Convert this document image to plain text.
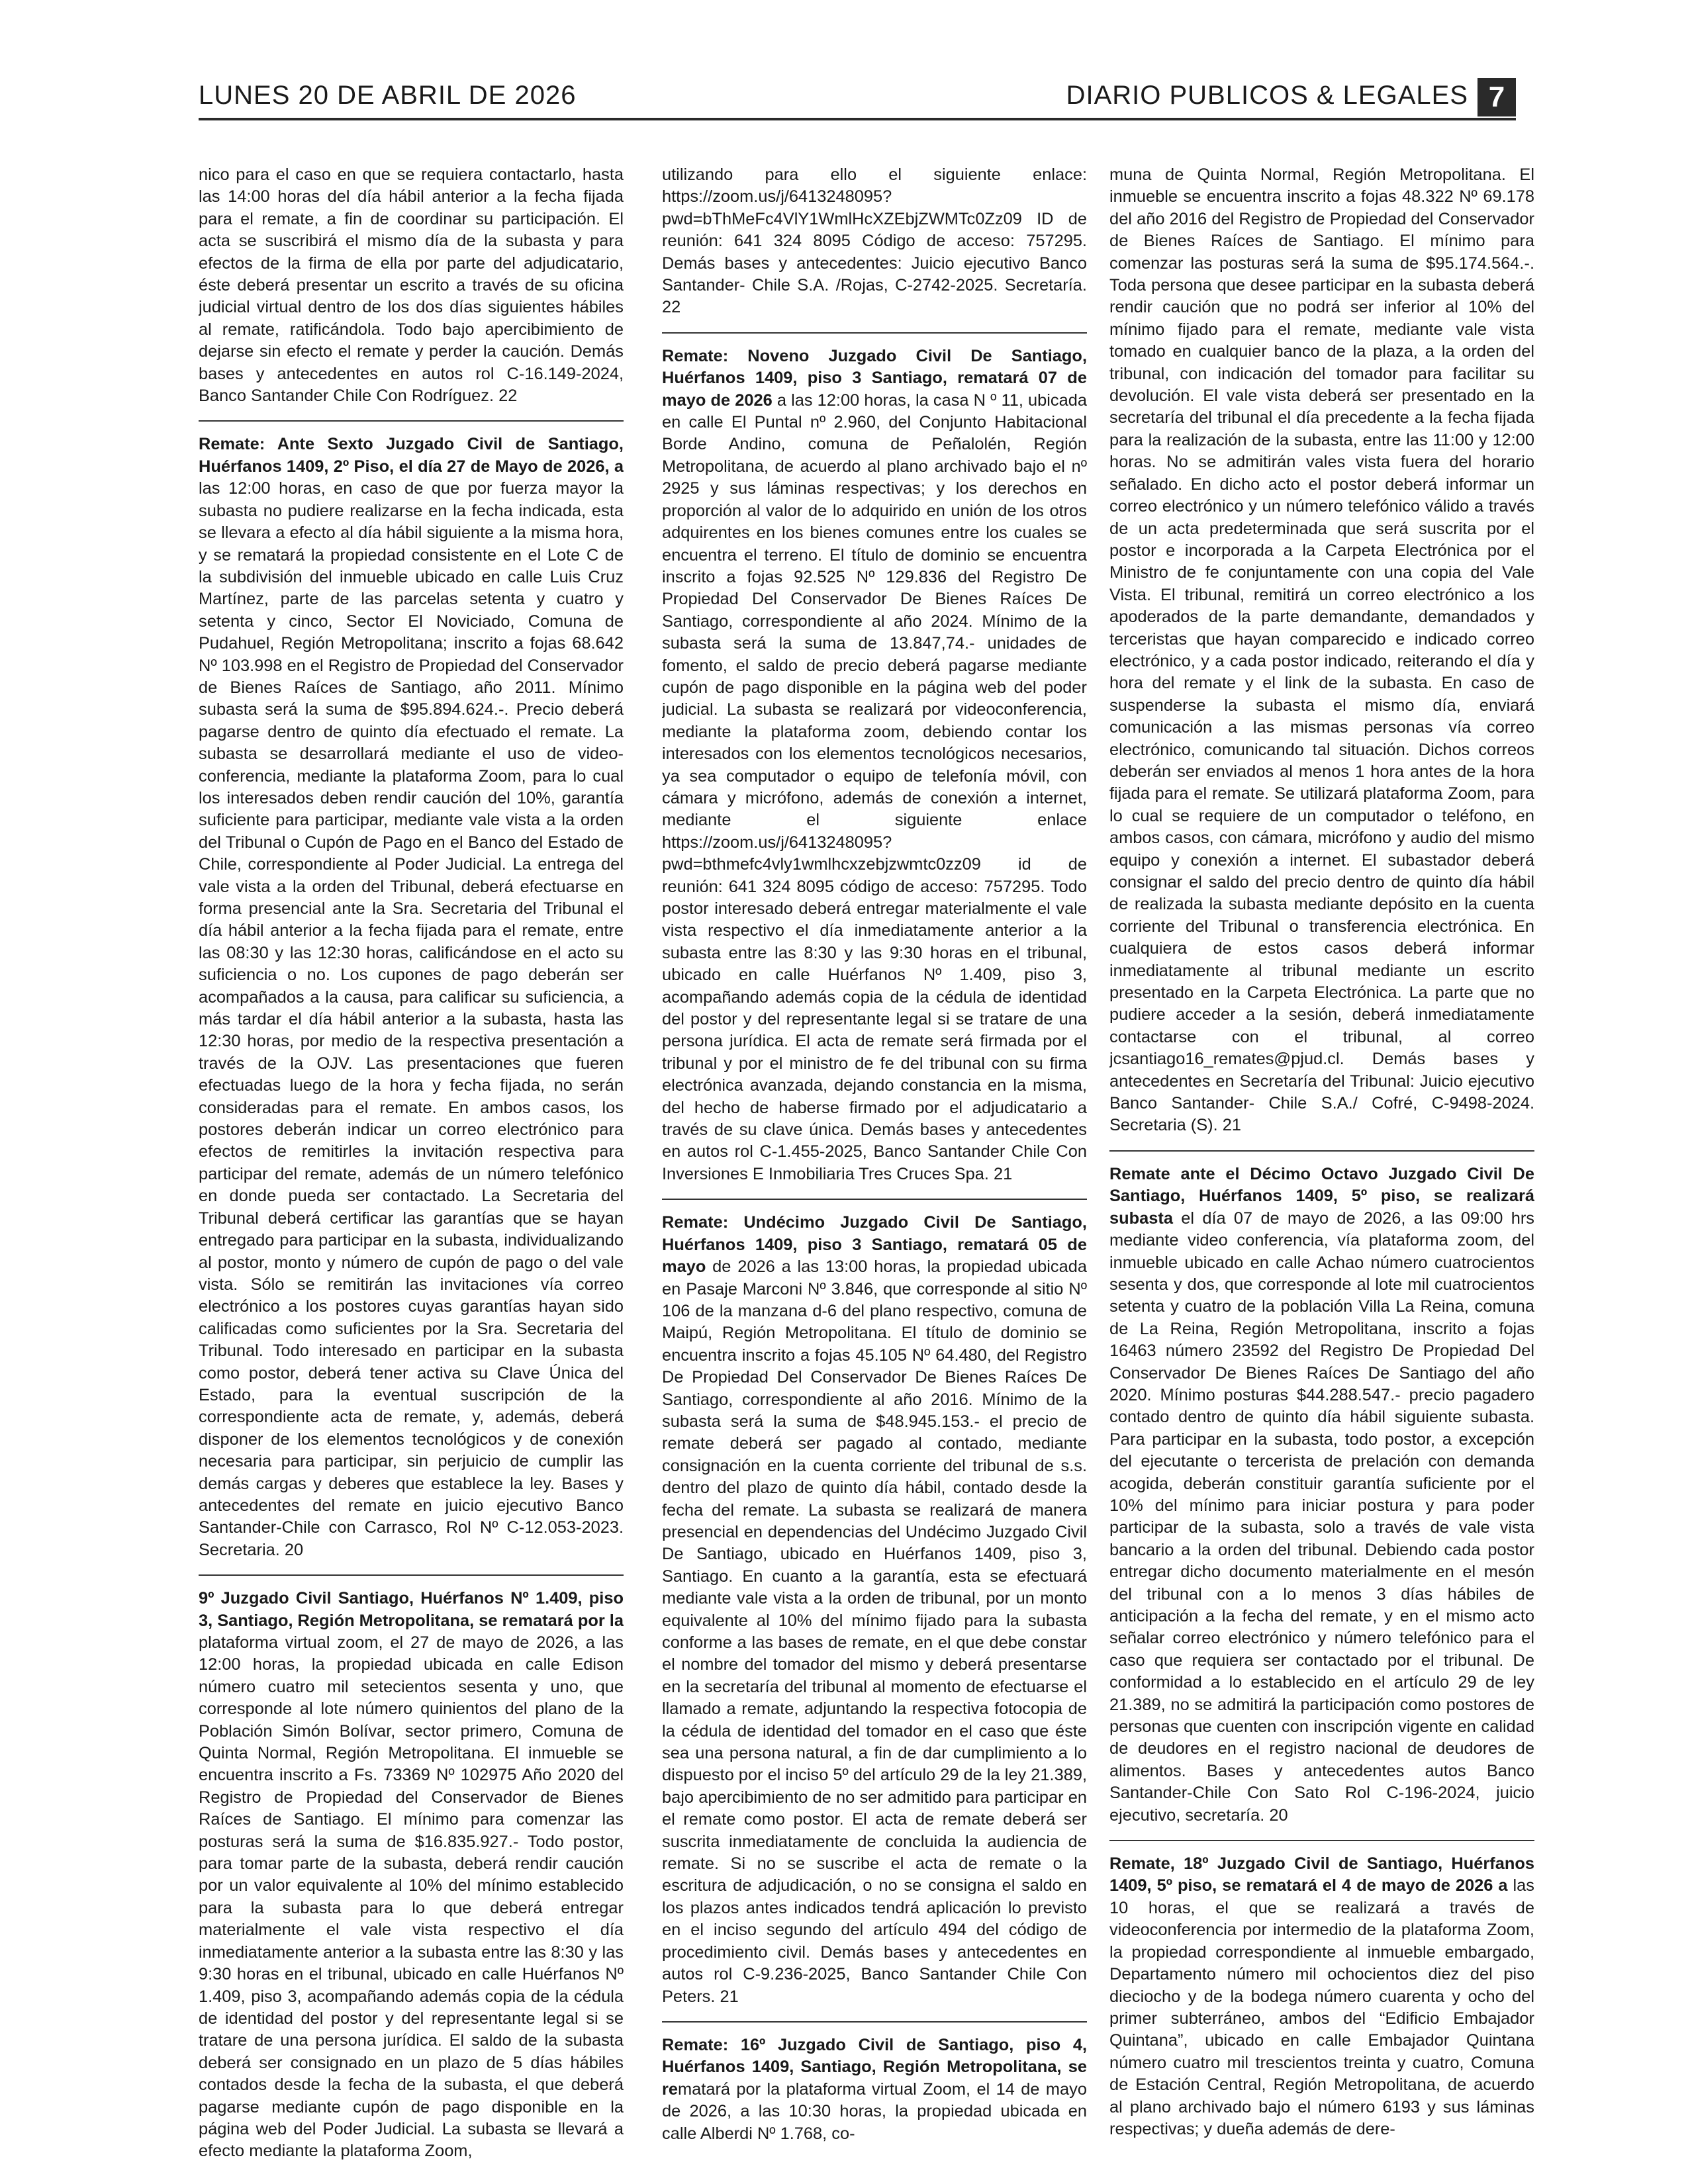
LUNES 20 DE ABRIL DE 2026	DIARIO PUBLICOS & LEGALES 7

nico para el caso en que se requiera contactarlo, hasta las 14:00 horas del día hábil anterior a la fecha fijada para el remate, a fin de coordinar su participación. El acta se suscribirá el mismo día de la subasta y para efectos de la firma de ella por parte del adjudicatario, éste deberá presentar un escrito a través de su oficina judicial virtual dentro de los dos días siguientes hábiles al remate, ratificándola. Todo bajo apercibimiento de dejarse sin efecto el remate y perder la caución. Demás bases y antecedentes en autos rol C-16.149-2024, Banco Santander Chile Con Rodríguez. 22

Remate: Ante Sexto Juzgado Civil de Santiago, Huérfanos 1409, 2º Piso, el día 27 de Mayo de 2026, a las 12:00 horas, en caso de que por fuerza mayor la subasta no pudiere realizarse en la fecha indicada, esta se llevara a efecto al día hábil siguiente a la misma hora, y se rematará la propiedad consistente en el Lote C de la subdivisión del inmueble ubicado en calle Luis Cruz Martínez, parte de las parcelas setenta y cuatro y setenta y cinco, Sector El Noviciado, Comuna de Pudahuel, Región Metropolitana; inscrito a fojas 68.642 Nº 103.998 en el Registro de Propiedad del Conservador de Bienes Raíces de Santiago, año 2011. Mínimo subasta será la suma de $95.894.624.-. Precio deberá pagarse dentro de quinto día efectuado el remate. La subasta se desarrollará mediante el uso de video-conferencia, mediante la plataforma Zoom, para lo cual los interesados deben rendir caución del 10%, garantía suficiente para participar, mediante vale vista a la orden del Tribunal o Cupón de Pago en el Banco del Estado de Chile, correspondiente al Poder Judicial. La entrega del vale vista a la orden del Tribunal, deberá efectuarse en forma presencial ante la Sra. Secretaria del Tribunal el día hábil anterior a la fecha fijada para el remate, entre las 08:30 y las 12:30 horas, calificándose en el acto su suficiencia o no. Los cupones de pago deberán ser acompañados a la causa, para calificar su suficiencia, a más tardar el día hábil anterior a la subasta, hasta las 12:30 horas, por medio de la respectiva presentación a través de la OJV. Las presentaciones que fueren efectuadas luego de la hora y fecha fijada, no serán consideradas para el remate. En ambos casos, los postores deberán indicar un correo electrónico para efectos de remitirles la invitación respectiva para participar del remate, además de un número telefónico en donde pueda ser contactado. La Secretaria del Tribunal deberá certificar las garantías que se hayan entregado para participar en la subasta, individualizando al postor, monto y número de cupón de pago o del vale vista. Sólo se remitirán las invitaciones vía correo electrónico a los postores cuyas garantías hayan sido calificadas como suficientes por la Sra. Secretaria del Tribunal. Todo interesado en participar en la subasta como postor, deberá tener activa su Clave Única del Estado, para la eventual suscripción de la correspondiente acta de remate, y, además, deberá disponer de los elementos tecnológicos y de conexión necesaria para participar, sin perjuicio de cumplir las demás cargas y deberes que establece la ley. Bases y antecedentes del remate en juicio ejecutivo Banco Santander-Chile con Carrasco, Rol Nº C-12.053-2023. Secretaria. 20

9º Juzgado Civil Santiago, Huérfanos Nº 1.409, piso 3, Santiago, Región Metropolitana, se rematará por la plataforma virtual zoom, el 27 de mayo de 2026, a las 12:00 horas, la propiedad ubicada en calle Edison número cuatro mil setecientos sesenta y uno, que corresponde al lote número quinientos del plano de la Población Simón Bolívar, sector primero, Comuna de Quinta Normal, Región Metropolitana. El inmueble se encuentra inscrito a Fs. 73369 Nº 102975 Año 2020 del Registro de Propiedad del Conservador de Bienes Raíces de Santiago. El mínimo para comenzar las posturas será la suma de $16.835.927.- Todo postor, para tomar parte de la subasta, deberá rendir caución por un valor equivalente al 10% del mínimo establecido para la subasta para lo que deberá entregar materialmente el vale vista respectivo el día inmediatamente anterior a la subasta entre las 8:30 y las 9:30 horas en el tribunal, ubicado en calle Huérfanos Nº 1.409, piso 3, acompañando además copia de la cédula de identidad del postor y del representante legal si se tratare de una persona jurídica. El saldo de la subasta deberá ser consignado en un plazo de 5 días hábiles contados desde la fecha de la subasta, el que deberá pagarse mediante cupón de pago disponible en la página web del Poder Judicial. La subasta se llevará a efecto mediante la plataforma Zoom,

utilizando para ello el siguiente enlace: https://zoom.us/j/6413248095?pwd=bThMeFc4VlY1WmlHcXZEbjZWMTc0Zz09 ID de reunión: 641 324 8095 Código de acceso: 757295. Demás bases y antecedentes: Juicio ejecutivo Banco Santander- Chile S.A. /Rojas, C-2742-2025. Secretaría. 22

Remate: Noveno Juzgado Civil De Santiago, Huérfanos 1409, piso 3 Santiago, rematará 07 de mayo de 2026 a las 12:00 horas, la casa N º 11, ubicada en calle El Puntal nº 2.960, del Conjunto Habitacional Borde Andino, comuna de Peñalolén, Región Metropolitana, de acuerdo al plano archivado bajo el nº 2925 y sus láminas respectivas; y los derechos en proporción al valor de lo adquirido en unión de los otros adquirentes en los bienes comunes entre los cuales se encuentra el terreno. El título de dominio se encuentra inscrito a fojas 92.525 Nº 129.836 del Registro De Propiedad Del Conservador De Bienes Raíces De Santiago, correspondiente al año 2024. Mínimo de la subasta será la suma de 13.847,74.- unidades de fomento, el saldo de precio deberá pagarse mediante cupón de pago disponible en la página web del poder judicial. La subasta se realizará por videoconferencia, mediante la plataforma zoom, debiendo contar los interesados con los elementos tecnológicos necesarios, ya sea computador o equipo de telefonía móvil, con cámara y micrófono, además de conexión a internet, mediante el siguiente enlace https://zoom.us/j/6413248095?pwd=bthmefc4vly1wmlhcxzebjzwmtc0zz09 id de reunión: 641 324 8095 código de acceso: 757295. Todo postor interesado deberá entregar materialmente el vale vista respectivo el día inmediatamente anterior a la subasta entre las 8:30 y las 9:30 horas en el tribunal, ubicado en calle Huérfanos Nº 1.409, piso 3, acompañando además copia de la cédula de identidad del postor y del representante legal si se tratare de una persona jurídica. El acta de remate será firmada por el tribunal y por el ministro de fe del tribunal con su firma electrónica avanzada, dejando constancia en la misma, del hecho de haberse firmado por el adjudicatario a través de su clave única. Demás bases y antecedentes en autos rol C-1.455-2025, Banco Santander Chile Con Inversiones E Inmobiliaria Tres Cruces Spa. 21

Remate: Undécimo Juzgado Civil De Santiago, Huérfanos 1409, piso 3 Santiago, rematará 05 de mayo de 2026 a las 13:00 horas, la propiedad ubicada en Pasaje Marconi Nº 3.846, que corresponde al sitio Nº 106 de la manzana d-6 del plano respectivo, comuna de Maipú, Región Metropolitana. El título de dominio se encuentra inscrito a fojas 45.105 Nº 64.480, del Registro De Propiedad Del Conservador De Bienes Raíces De Santiago, correspondiente al año 2016. Mínimo de la subasta será la suma de $48.945.153.- el precio de remate deberá ser pagado al contado, mediante consignación en la cuenta corriente del tribunal de s.s. dentro del plazo de quinto día hábil, contado desde la fecha del remate. La subasta se realizará de manera presencial en dependencias del Undécimo Juzgado Civil De Santiago, ubicado en Huérfanos 1409, piso 3, Santiago. En cuanto a la garantía, esta se efectuará mediante vale vista a la orden de tribunal, por un monto equivalente al 10% del mínimo fijado para la subasta conforme a las bases de remate, en el que debe constar el nombre del tomador del mismo y deberá presentarse en la secretaría del tribunal al momento de efectuarse el llamado a remate, adjuntando la respectiva fotocopia de la cédula de identidad del tomador en el caso que éste sea una persona natural, a fin de dar cumplimiento a lo dispuesto por el inciso 5º del artículo 29 de la ley 21.389, bajo apercibimiento de no ser admitido para participar en el remate como postor. El acta de remate deberá ser suscrita inmediatamente de concluida la audiencia de remate. Si no se suscribe el acta de remate o la escritura de adjudicación, o no se consigna el saldo en los plazos antes indicados tendrá aplicación lo previsto en el inciso segundo del artículo 494 del código de procedimiento civil. Demás bases y antecedentes en autos rol C-9.236-2025, Banco Santander Chile Con Peters. 21

Remate: 16º Juzgado Civil de Santiago, piso 4, Huérfanos 1409, Santiago, Región Metropolitana, se rematará por la plataforma virtual Zoom, el 14 de mayo de 2026, a las 10:30 horas, la propiedad ubicada en calle Alberdi Nº 1.768, co-

muna de Quinta Normal, Región Metropolitana. El inmueble se encuentra inscrito a fojas 48.322 Nº 69.178 del año 2016 del Registro de Propiedad del Conservador de Bienes Raíces de Santiago. El mínimo para comenzar las posturas será la suma de $95.174.564.-. Toda persona que desee participar en la subasta deberá rendir caución que no podrá ser inferior al 10% del mínimo fijado para el remate, mediante vale vista tomado en cualquier banco de la plaza, a la orden del tribunal, con indicación del tomador para facilitar su devolución. El vale vista deberá ser presentado en la secretaría del tribunal el día precedente a la fecha fijada para la realización de la subasta, entre las 11:00 y 12:00 horas. No se admitirán vales vista fuera del horario señalado. En dicho acto el postor deberá informar un correo electrónico y un número telefónico válido a través de un acta predeterminada que será suscrita por el postor e incorporada a la Carpeta Electrónica por el Ministro de fe conjuntamente con una copia del Vale Vista. El tribunal, remitirá un correo electrónico a los apoderados de la parte demandante, demandados y terceristas que hayan comparecido e indicado correo electrónico, y a cada postor indicado, reiterando el día y hora del remate y el link de la subasta. En caso de suspenderse la subasta el mismo día, enviará comunicación a las mismas personas vía correo electrónico, comunicando tal situación. Dichos correos deberán ser enviados al menos 1 hora antes de la hora fijada para el remate. Se utilizará plataforma Zoom, para lo cual se requiere de un computador o teléfono, en ambos casos, con cámara, micrófono y audio del mismo equipo y conexión a internet. El subastador deberá consignar el saldo del precio dentro de quinto día hábil de realizada la subasta mediante depósito en la cuenta corriente del Tribunal o transferencia electrónica. En cualquiera de estos casos deberá informar inmediatamente al tribunal mediante un escrito presentado en la Carpeta Electrónica. La parte que no pudiere acceder a la sesión, deberá inmediatamente contactarse con el tribunal, al correo jcsantiago16_remates@pjud.cl. Demás bases y antecedentes en Secretaría del Tribunal: Juicio ejecutivo Banco Santander- Chile S.A./ Cofré, C-9498-2024. Secretaria (S). 21

Remate ante el Décimo Octavo Juzgado Civil De Santiago, Huérfanos 1409, 5º piso, se realizará subasta el día 07 de mayo de 2026, a las 09:00 hrs mediante video conferencia, vía plataforma zoom, del inmueble ubicado en calle Achao número cuatrocientos sesenta y dos, que corresponde al lote mil cuatrocientos setenta y cuatro de la población Villa La Reina, comuna de La Reina, Región Metropolitana, inscrito a fojas 16463 número 23592 del Registro De Propiedad Del Conservador De Bienes Raíces De Santiago del año 2020. Mínimo posturas $44.288.547.- precio pagadero contado dentro de quinto día hábil siguiente subasta. Para participar en la subasta, todo postor, a excepción del ejecutante o tercerista de prelación con demanda acogida, deberán constituir garantía suficiente por el 10% del mínimo para iniciar postura y para poder participar de la subasta, solo a través de vale vista bancario a la orden del tribunal. Debiendo cada postor entregar dicho documento materialmente en el mesón del tribunal con a lo menos 3 días hábiles de anticipación a la fecha del remate, y en el mismo acto señalar correo electrónico y número telefónico para el caso que requiera ser contactado por el tribunal. De conformidad a lo establecido en el artículo 29 de ley 21.389, no se admitirá la participación como postores de personas que cuenten con inscripción vigente en calidad de deudores en el registro nacional de deudores de alimentos. Bases y antecedentes autos Banco Santander-Chile Con Sato Rol C-196-2024, juicio ejecutivo, secretaría. 20

Remate, 18º Juzgado Civil de Santiago, Huérfanos 1409, 5º piso, se rematará el 4 de mayo de 2026 a las 10 horas, el que se realizará a través de videoconferencia por intermedio de la plataforma Zoom, la propiedad correspondiente al inmueble embargado, Departamento número mil ochocientos diez del piso dieciocho y de la bodega número cuarenta y ocho del primer subterráneo, ambos del “Edificio Embajador Quintana”, ubicado en calle Embajador Quintana número cuatro mil trescientos treinta y cuatro, Comuna de Estación Central, Región Metropolitana, de acuerdo al plano archivado bajo el número 6193 y sus láminas respectivas; y dueña además de dere-
